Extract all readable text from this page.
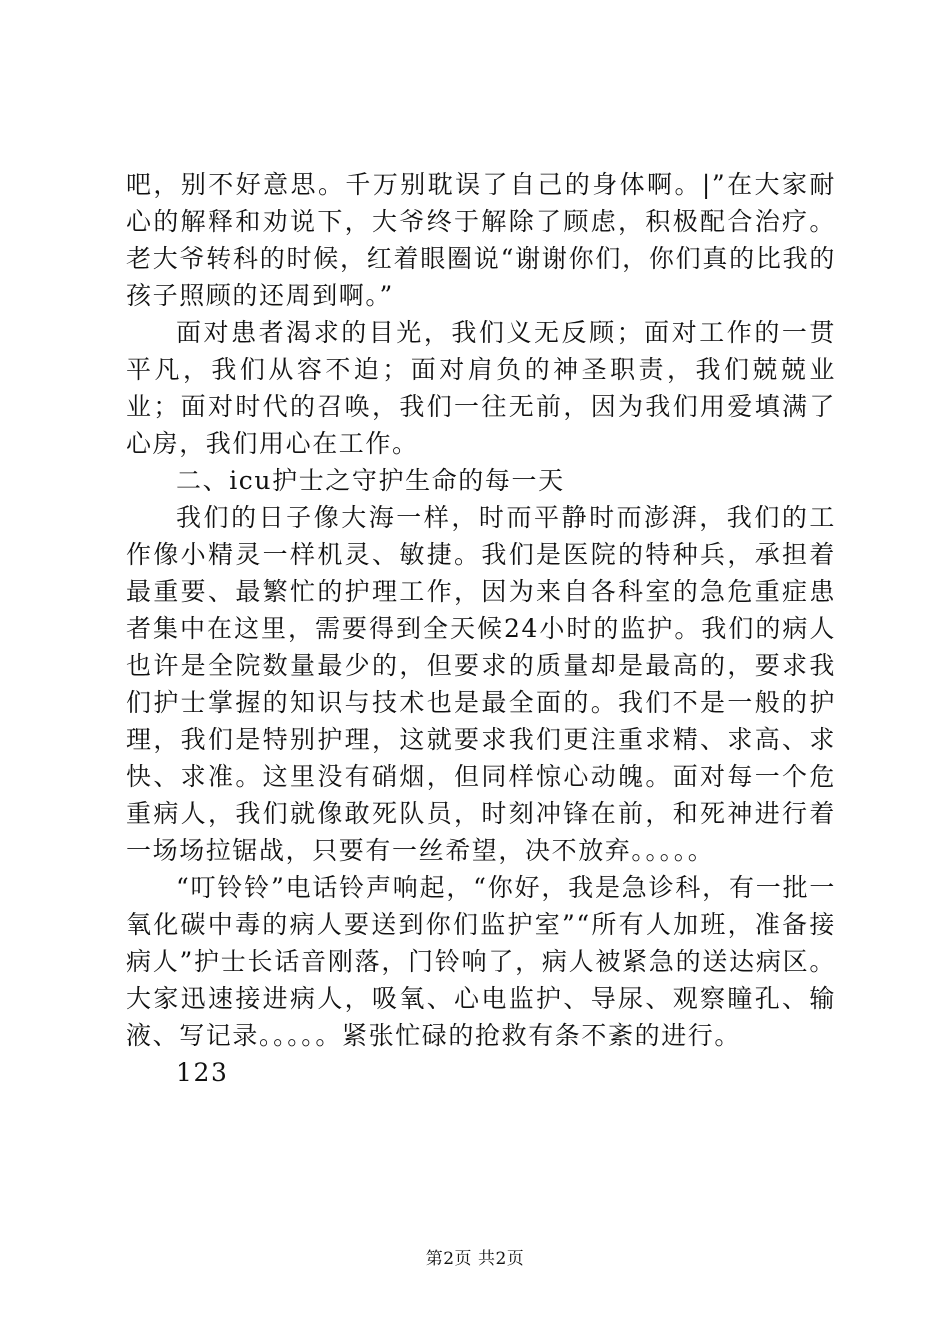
吧，别不好意思。千万别耽误了自己的身体啊。|”在大家耐心的解释和劝说下，大爷终于解除了顾虑，积极配合治疗。老大爷转科的时候，红着眼圈说“谢谢你们，你们真的比我的孩子照顾的还周到啊。”

面对患者渴求的目光，我们义无反顾；面对工作的一贯平凡，我们从容不迫；面对肩负的神圣职责，我们兢兢业业；面对时代的召唤，我们一往无前，因为我们用爱填满了心房，我们用心在工作。

二、icu护士之守护生命的每一天

我们的日子像大海一样，时而平静时而澎湃，我们的工作像小精灵一样机灵、敏捷。我们是医院的特种兵，承担着最重要、最繁忙的护理工作，因为来自各科室的急危重症患者集中在这里，需要得到全天候24小时的监护。我们的病人也许是全院数量最少的，但要求的质量却是最高的，要求我们护士掌握的知识与技术也是最全面的。我们不是一般的护理，我们是特别护理，这就要求我们更注重求精、求高、求快、求准。这里没有硝烟，但同样惊心动魄。面对每一个危重病人，我们就像敢死队员，时刻冲锋在前，和死神进行着一场场拉锯战，只要有一丝希望，决不放弃。。。。。

“叮铃铃”电话铃声响起，“你好，我是急诊科，有一批一氧化碳中毒的病人要送到你们监护室”“所有人加班，准备接病人”护士长话音刚落，门铃响了，病人被紧急的送达病区。大家迅速接进病人，吸氧、心电监护、导尿、观察瞳孔、输液、写记录。。。。。紧张忙碌的抢救有条不紊的进行。

123

第2页 共2页
